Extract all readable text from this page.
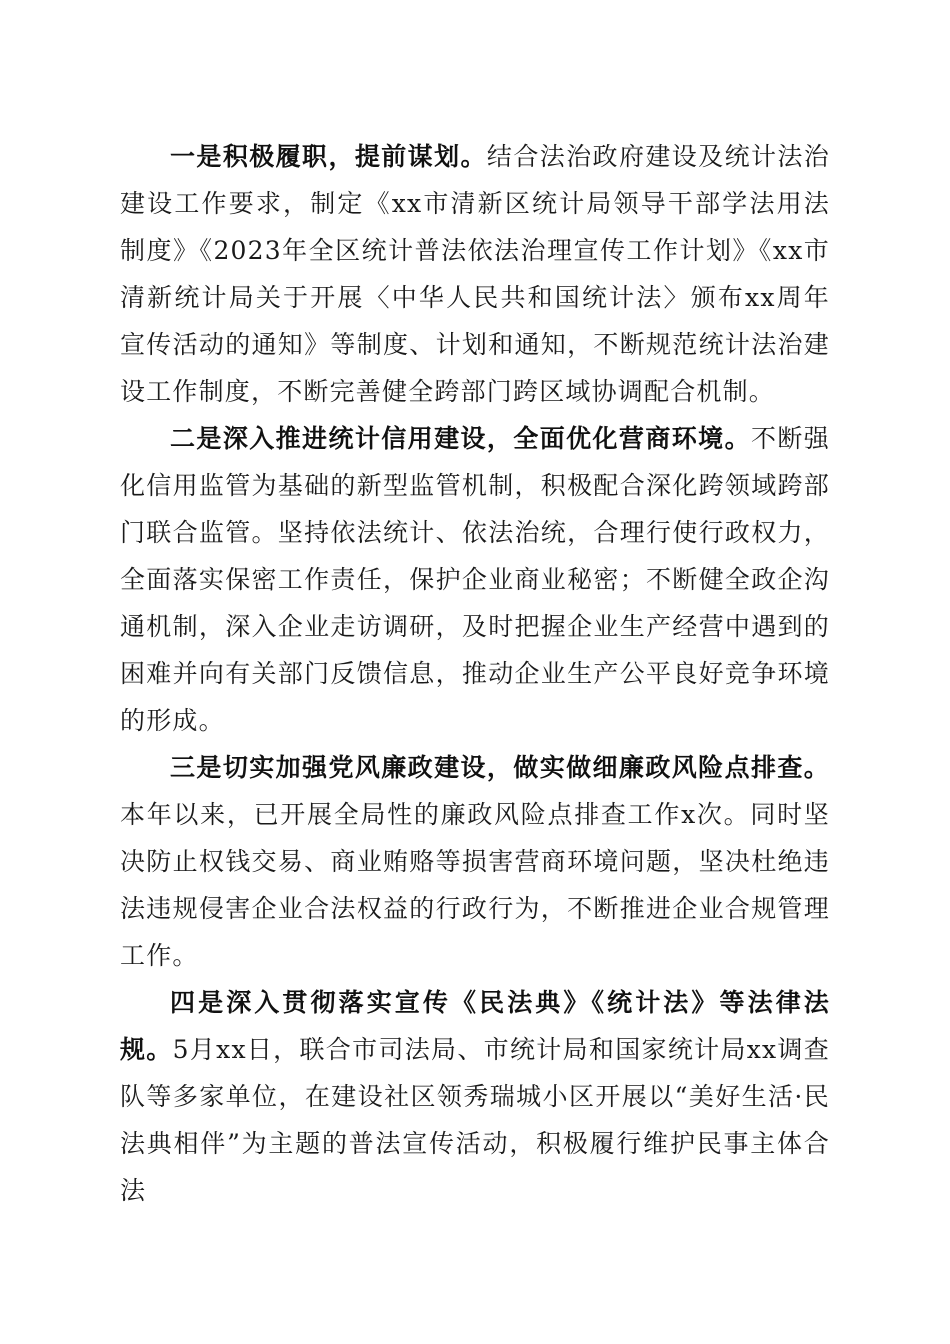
一是积极履职，提前谋划。结合法治政府建设及统计法治建设工作要求，制定《xx市清新区统计局领导干部学法用法制度》《2023年全区统计普法依法治理宣传工作计划》《xx市清新统计局关于开展〈中华人民共和国统计法〉颁布xx周年宣传活动的通知》等制度、计划和通知，不断规范统计法治建设工作制度，不断完善健全跨部门跨区域协调配合机制。

二是深入推进统计信用建设，全面优化营商环境。不断强化信用监管为基础的新型监管机制，积极配合深化跨领域跨部门联合监管。坚持依法统计、依法治统，合理行使行政权力，全面落实保密工作责任，保护企业商业秘密；不断健全政企沟通机制，深入企业走访调研，及时把握企业生产经营中遇到的困难并向有关部门反馈信息，推动企业生产公平良好竞争环境的形成。

三是切实加强党风廉政建设，做实做细廉政风险点排查。本年以来，已开展全局性的廉政风险点排查工作x次。同时坚决防止权钱交易、商业贿赂等损害营商环境问题，坚决杜绝违法违规侵害企业合法权益的行政行为，不断推进企业合规管理工作。

四是深入贯彻落实宣传《民法典》《统计法》等法律法规。5月xx日，联合市司法局、市统计局和国家统计局xx调查队等多家单位，在建设社区领秀瑞城小区开展以“美好生活·民法典相伴”为主题的普法宣传活动，积极履行维护民事主体合法
